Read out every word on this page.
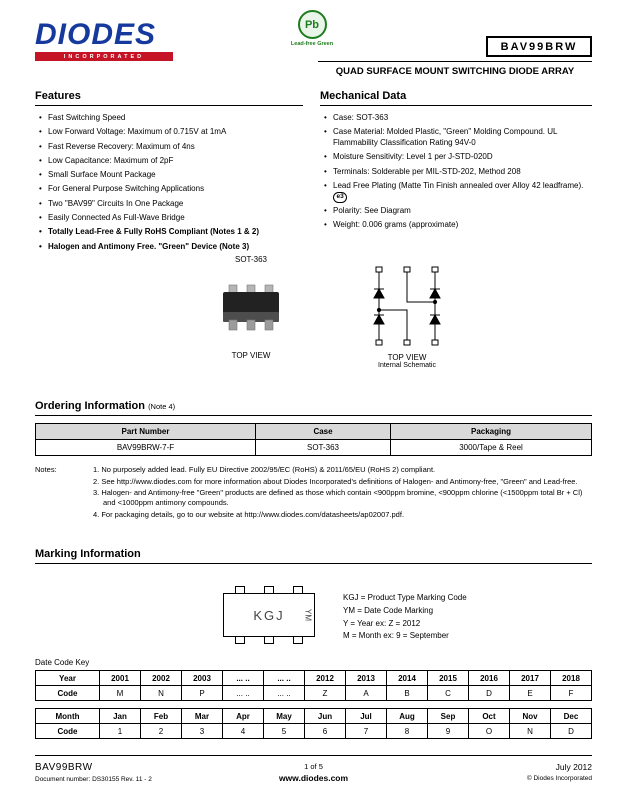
DIODES
INCORPORATED
Pb
Lead-free Green	BAV99BRW
QUAD SURFACE MOUNT SWITCHING DIODE ARRAY
Features
• Fast Switching Speed
• Low Forward Voltage: Maximum of 0.715V at 1mA
• Fast Reverse Recovery: Maximum of 4ns
• Low Capacitance: Maximum of 2pF
• Small Surface Mount Package
• For General Purpose Switching Applications
• Two "BAV99" Circuits In One Package
• Easily Connected As Full-Wave Bridge
• Totally Lead-Free & Fully RoHS Compliant (Notes 1 & 2)
• Halogen and Antimony Free. "Green" Device (Note 3)
Mechanical Data
• Case: SOT-363
• Case Material: Molded Plastic, "Green" Molding Compound. UL Flammability Classification Rating 94V-0
• Moisture Sensitivity: Level 1 per J-STD-020D
• Terminals: Solderable per MIL-STD-202, Method 208
• Lead Free Plating (Matte Tin Finish annealed over Alloy 42 leadframe). e3
• Polarity: See Diagram
• Weight: 0.006 grams (approximate)
SOT-363
TOP VIEW	TOP VIEW
Internal Schematic
Ordering Information (Note 4)
Part Number	Case	Packaging
BAV99BRW-7-F	SOT-363	3000/Tape & Reel
Notes:	1. No purposely added lead. Fully EU Directive 2002/95/EC (RoHS) & 2011/65/EU (RoHS 2) compliant.
2. See http://www.diodes.com for more information about Diodes Incorporated's definitions of Halogen- and Antimony-free, "Green" and Lead-free.
3. Halogen- and Antimony-free "Green" products are defined as those which contain <900ppm bromine, <900ppm chlorine (<1500ppm total Br + Cl) and <1000ppm antimony compounds.
4. For packaging details, go to our website at http://www.diodes.com/datasheets/ap02007.pdf.
Marking Information
KGJ YM
KGJ = Product Type Marking Code
YM = Date Code Marking
Y = Year ex: Z = 2012
M = Month ex: 9 = September
Date Code Key
Year	2001	2002	2003	... ..	... ..	2012	2013	2014	2015	2016	2017	2018
Code	M	N	P	... ..	... ..	Z	A	B	C	D	E	F
Month	Jan	Feb	Mar	Apr	May	Jun	Jul	Aug	Sep	Oct	Nov	Dec
Code	1	2	3	4	5	6	7	8	9	O	N	D
BAV99BRW
Document number: DS30155 Rev. 11 - 2
1 of 5
www.diodes.com
July 2012
© Diodes Incorporated
